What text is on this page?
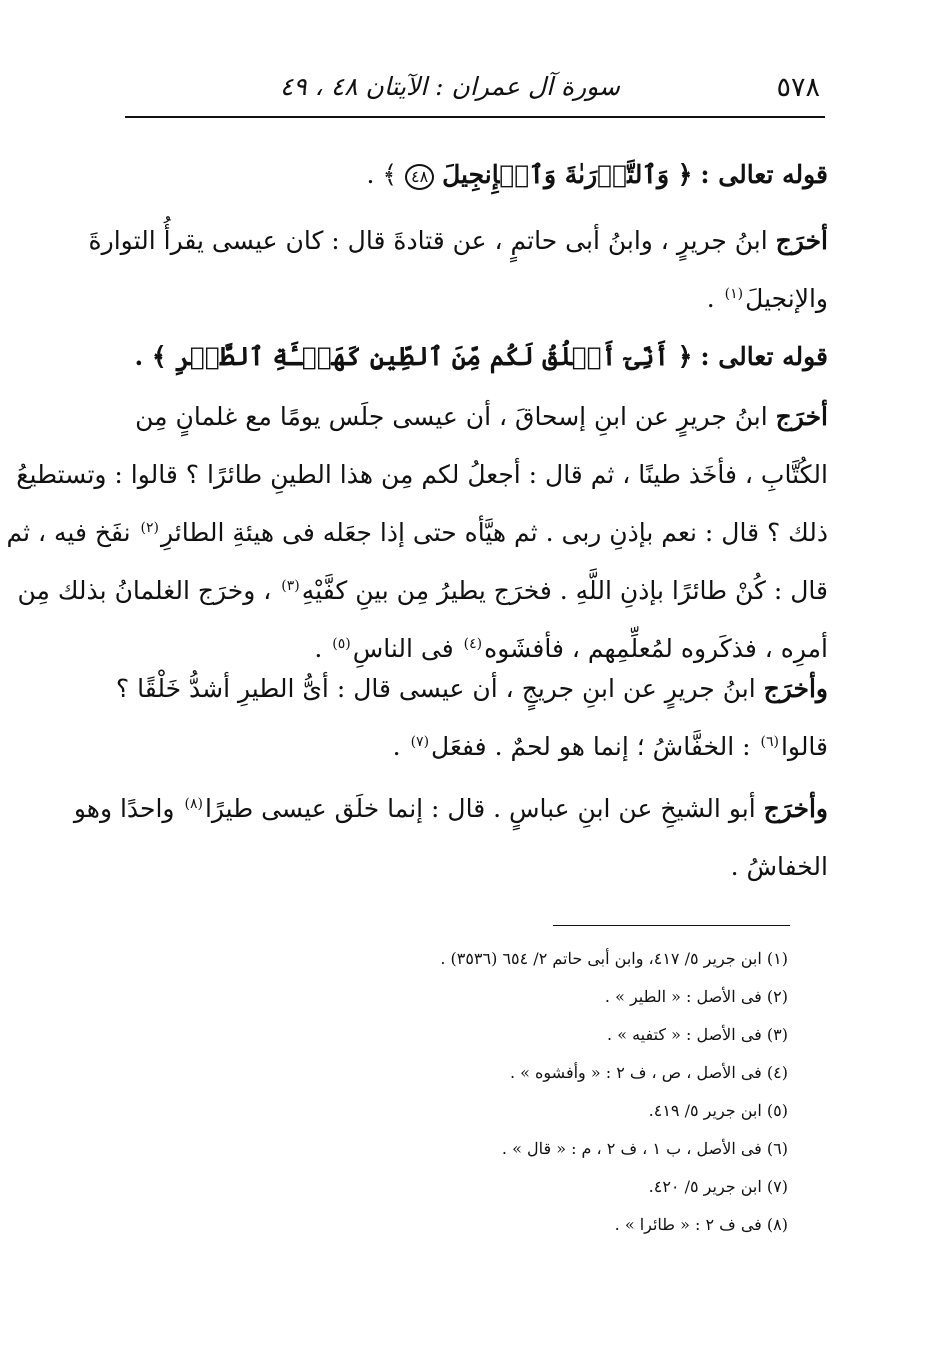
٥٧٨
سورة آل عمران : الآيتان ٤٨ ، ٤٩
قوله تعالى : ﴿ وَٱلتَّوۡرَىٰةَ وَٱلۡإِنجِيلَ ٤٨ ﴾ .
أخرَج ابنُ جريرٍ ، وابنُ أبى حاتمٍ ، عن قتادةَ قال : كان عيسى يقرأُ التوارةَ
والإنجيلَ$^{(١)}$ .
قوله تعالى : ﴿ أَنِّىٓ أَخۡلُقُ لَكُم مِّنَ ٱلطِّينِ كَهَيۡـَٔةِ ٱلطَّيۡرِ ﴾ .
أخرَج ابنُ جريرٍ عن ابنِ إسحاقَ ، أن عيسى جلَس يومًا مع غلمانٍ مِن
الكُتَّابِ ، فأخَذ طينًا ، ثم قال : أجعلُ لكم مِن هذا الطينِ طائرًا ؟ قالوا : وتستطيعُ
ذلك ؟ قال : نعم بإذنِ ربى . ثم هيَّأه حتى إذا جعَله فى هيئةِ الطائرِ$^{(٢)}$ نفَخ فيه ، ثم
قال : كُنْ طائرًا بإذنِ اللَّهِ . فخرَج يطيرُ مِن بينِ كفَّيْهِ$^{(٣)}$ ، وخرَج الغلمانُ بذلك مِن
أمرِه ، فذكَروه لمُعلِّمِهم ، فأفشَوه$^{(٤)}$ فى الناسِ$^{(٥)}$ .
وأخرَج ابنُ جريرٍ عن ابنِ جريجٍ ، أن عيسى قال : أىُّ الطيرِ أشدُّ خَلْقًا ؟
قالوا$^{(٦)}$ : الخفَّاشُ ؛ إنما هو لحمٌ . ففعَل$^{(٧)}$ .
وأخرَج أبو الشيخِ عن ابنِ عباسٍ . قال : إنما خلَق عيسى طيرًا$^{(٨)}$ واحدًا وهو
الخفاشُ .
(١) ابن جرير ٥/ ٤١٧، وابن أبى حاتم ٢/ ٦٥٤ (٣٥٣٦) .
(٢) فى الأصل : « الطير » .
(٣) فى الأصل : « كتفيه » .
(٤) فى الأصل ، ص ، ف ٢ : « وأفشوه » .
(٥) ابن جرير ٥/ ٤١٩.
(٦) فى الأصل ، ب ١ ، ف ٢ ، م : « قال » .
(٧) ابن جرير ٥/ ٤٢٠.
(٨) فى ف ٢ : « طائرا » .
